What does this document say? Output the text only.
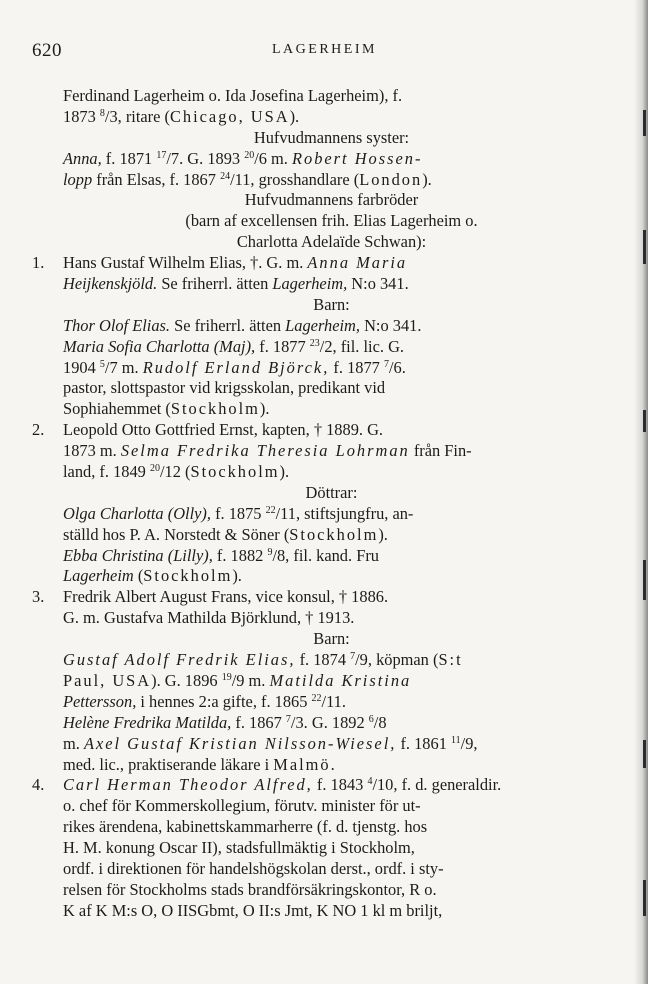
620	LAGERHEIM
Ferdinand Lagerheim o. Ida Josefina Lagerheim), f.
1873 $^8$/3, ritare (Chicago, USA).
Hufvudmannens syster:
Anna, f. 1871 $^{17}$/7. G. 1893 $^{20}$/6 m. Robert Hossen-
lopp från Elsas, f. 1867 $^{24}$/11, grosshandlare (London).
Hufvudmannens farbröder
(barn af excellensen frih. Elias Lagerheim o.
Charlotta Adelaïde Schwan):
1. Hans Gustaf Wilhelm Elias, †. G. m. Anna Maria
Heijkenskjöld. Se friherrl. ätten Lagerheim, N:o 341.
Barn:
Thor Olof Elias. Se friherrl. ätten Lagerheim, N:o 341.
Maria Sofia Charlotta (Maj), f. 1877 $^{23}$/2, fil. lic. G.
1904 $^5$/7 m. Rudolf Erland Björck, f. 1877 $^7$/6.
pastor, slottspastor vid krigsskolan, predikant vid
Sophiahemmet (Stockholm).
2. Leopold Otto Gottfried Ernst, kapten, † 1889. G.
1873 m. Selma Fredrika Theresia Lohrman från Fin-
land, f. 1849 $^{20}$/12 (Stockholm).
Döttrar:
Olga Charlotta (Olly), f. 1875 $^{22}$/11, stiftsjungfru, an-
ställd hos P. A. Norstedt & Söner (Stockholm).
Ebba Christina (Lilly), f. 1882 $^9$/8, fil. kand. Fru
Lagerheim (Stockholm).
3. Fredrik Albert August Frans, vice konsul, † 1886.
G. m. Gustafva Mathilda Björklund, † 1913.
Barn:
Gustaf Adolf Fredrik Elias, f. 1874 $^7$/9, köpman (S:t
Paul, USA). G. 1896 $^{19}$/9 m. Matilda Kristina
Pettersson, i hennes 2:a gifte, f. 1865 $^{22}$/11.
Helène Fredrika Matilda, f. 1867 $^7$/3. G. 1892 $^6$/8
m. Axel Gustaf Kristian Nilsson-Wiesel, f. 1861 $^{11}$/9,
med. lic., praktiserande läkare i Malmö.
4. Carl Herman Theodor Alfred, f. 1843 $^4$/10, f. d. generaldir.
o. chef för Kommerskollegium, förutv. minister för ut-
rikes ärendena, kabinettskammarherre (f. d. tjenstg. hos
H. M. konung Oscar II), stadsfullmäktig i Stockholm,
ordf. i direktionen för handelshögskolan derst., ordf. i sty-
relsen för Stockholms stads brandförsäkringskontor, R o.
K af K M:s O, O IISGbmt, O II:s Jmt, K NO 1 kl m briljt,
